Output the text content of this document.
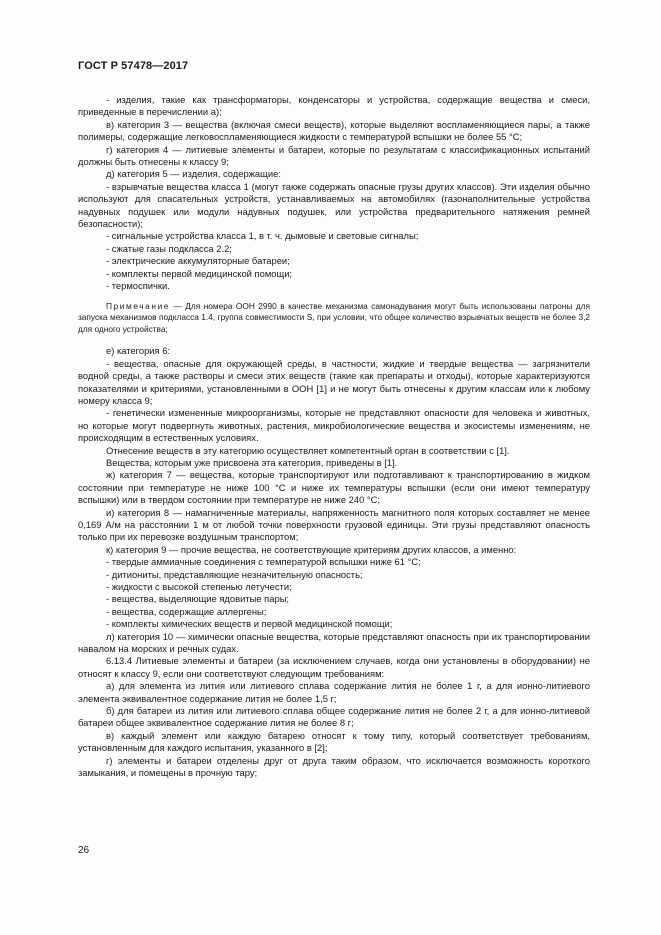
ГОСТ Р 57478—2017

- изделия, такие как трансформаторы, конденсаторы и устройства, содержащие вещества и смеси, приведенные в перечислении а);

в) категория 3 — вещества (включая смеси веществ), которые выделяют воспламеняющиеся пары, а также полимеры, содержащие легковоспламеняющиеся жидкости с температурой вспышки не более 55 °С;

г) категория 4 — литиевые элементы и батареи, которые по результатам с классификационных испытаний должны быть отнесены к классу 9;

д) категория 5 — изделия, содержащие:

- взрывчатые вещества класса 1 (могут также содержать опасные грузы других классов). Эти изделия обычно используют для спасательных устройств, устанавливаемых на автомобилях (газонаполнительные устройства надувных подушек или модули надувных подушек, или устройства предварительного натяжения ремней безопасности);

- сигнальные устройства класса 1, в т. ч. дымовые и световые сигналы;

- сжатые газы подкласса 2.2;

- электрические аккумуляторные батареи;

- комплекты первой медицинской помощи;

- термоспички.

Примечание — Для номера ООН 2990 в качестве механизма самонадувания могут быть использованы патроны для запуска механизмов подкласса 1.4, группа совместимости S, при условии, что общее количество взрывчатых веществ не более 3,2 для одного устройства;

е) категория 6:

- вещества, опасные для окружающей среды, в частности, жидкие и твердые вещества — загрязнители водной среды, а также растворы и смеси этих веществ (такие как препараты и отходы), которые характеризуются показателями и критериями, установленными в ООН [1] и не могут быть отнесены к другим классам или к любому номеру класса 9;

- генетически измененные микроорганизмы, которые не представляют опасности для человека и животных, но которые могут подвергнуть животных, растения, микробиологические вещества и экосистемы изменениям, не происходящим в естественных условиях.

Отнесение веществ в эту категорию осуществляет компетентный орган в соответствии с [1].

Вещества, которым уже присвоена эта категория, приведены в [1].

ж) категория 7 — вещества, которые транспортируют или подготавливают к транспортированию в жидком состоянии при температуре не ниже 100 °С и ниже их температуры вспышки (если они имеют температуру вспышки) или в твердом состоянии при температуре не ниже 240 °С;

и) категория 8 — намагниченные материалы, напряженность магнитного поля которых составляет не менее 0,169 А/м на расстоянии 1 м от любой точки поверхности грузовой единицы. Эти грузы представляют опасность только при их перевозке воздушным транспортом;

к) категория 9 — прочие вещества, не соответствующие критериям других классов, а именно:

- твердые аммиачные соединения с температурой вспышки ниже 61 °С;

- дитиониты, представляющие незначительную опасность;

- жидкости с высокой степенью летучести;

- вещества, выделяющие ядовитые пары;

- вещества, содержащие аллергены;

- комплекты химических веществ и первой медицинской помощи;

л) категория 10 — химически опасные вещества, которые представляют опасность при их транспортировании навалом на морских и речных судах.

6.13.4 Литиевые элементы и батареи (за исключением случаев, когда они установлены в оборудовании) не относят к классу 9, если они соответствуют следующим требованиям:

а) для элемента из лития или литиевого сплава содержание лития не более 1 г, а для ионно-литиевого элемента эквивалентное содержание лития не более 1,5 г;

б) для батареи из лития или литиевого сплава общее содержание лития не более 2 г, а для ионно-литиевой батареи общее эквивалентное содержание лития не более 8 г;

в) каждый элемент или каждую батарею относят к тому типу, который соответствует требованиям, установленным для каждого испытания, указанного в [2];

г) элементы и батареи отделены друг от друга таким образом, что исключается возможность короткого замыкания, и помещены в прочную тару;

26
